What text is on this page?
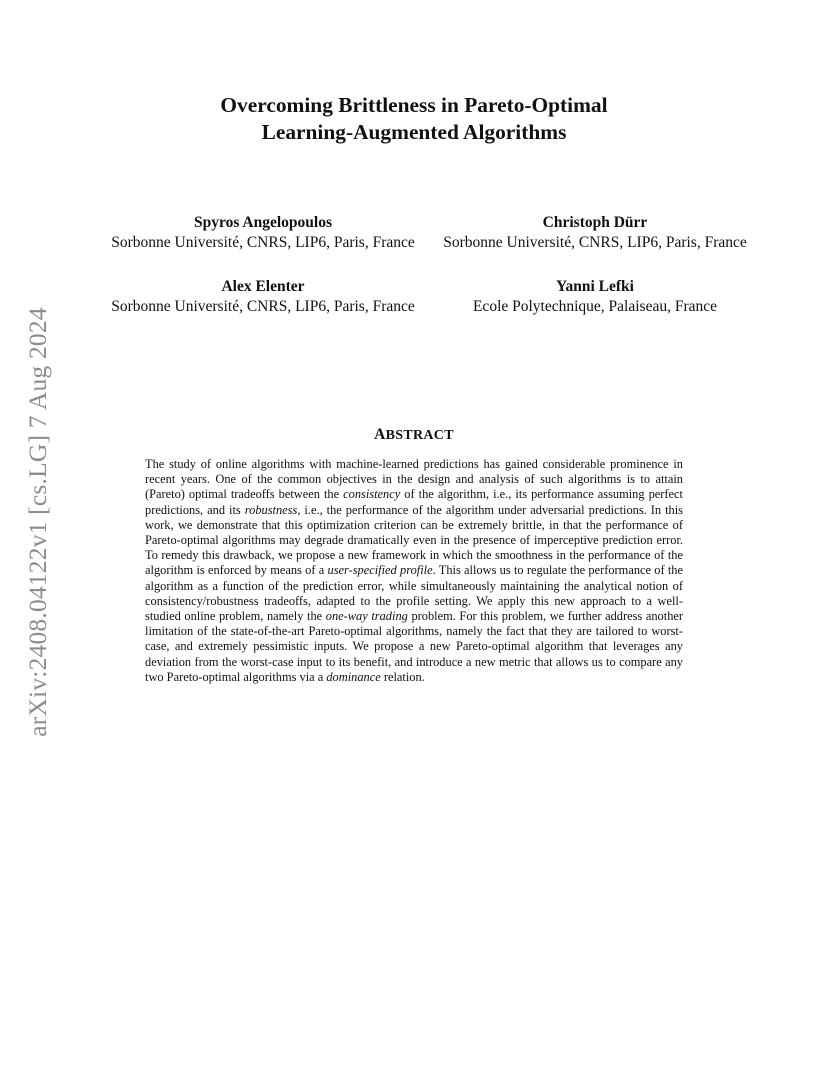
arXiv:2408.04122v1 [cs.LG] 7 Aug 2024
Overcoming Brittleness in Pareto-Optimal
Learning-Augmented Algorithms
Spyros Angelopoulos
Sorbonne Université, CNRS, LIP6, Paris, France
Christoph Dürr
Sorbonne Université, CNRS, LIP6, Paris, France
Alex Elenter
Sorbonne Université, CNRS, LIP6, Paris, France
Yanni Lefki
Ecole Polytechnique, Palaiseau, France
ABSTRACT

The study of online algorithms with machine-learned predictions has gained considerable prominence in recent years. One of the common objectives in the design and analysis of such algorithms is to attain (Pareto) optimal tradeoffs between the consistency of the algorithm, i.e., its performance assuming perfect predictions, and its robustness, i.e., the performance of the algorithm under adversarial predictions. In this work, we demonstrate that this optimization criterion can be extremely brittle, in that the performance of Pareto-optimal algorithms may degrade dramatically even in the presence of imperceptive prediction error. To remedy this drawback, we propose a new framework in which the smoothness in the performance of the algorithm is enforced by means of a user-specified profile. This allows us to regulate the performance of the algorithm as a function of the prediction error, while simultaneously maintaining the analytical notion of consistency/robustness tradeoffs, adapted to the profile setting. We apply this new approach to a well-studied online problem, namely the one-way trading problem. For this problem, we further address another limitation of the state-of-the-art Pareto-optimal algorithms, namely the fact that they are tailored to worst-case, and extremely pessimistic inputs. We propose a new Pareto-optimal algorithm that leverages any deviation from the worst-case input to its benefit, and introduce a new metric that allows us to compare any two Pareto-optimal algorithms via a dominance relation.
